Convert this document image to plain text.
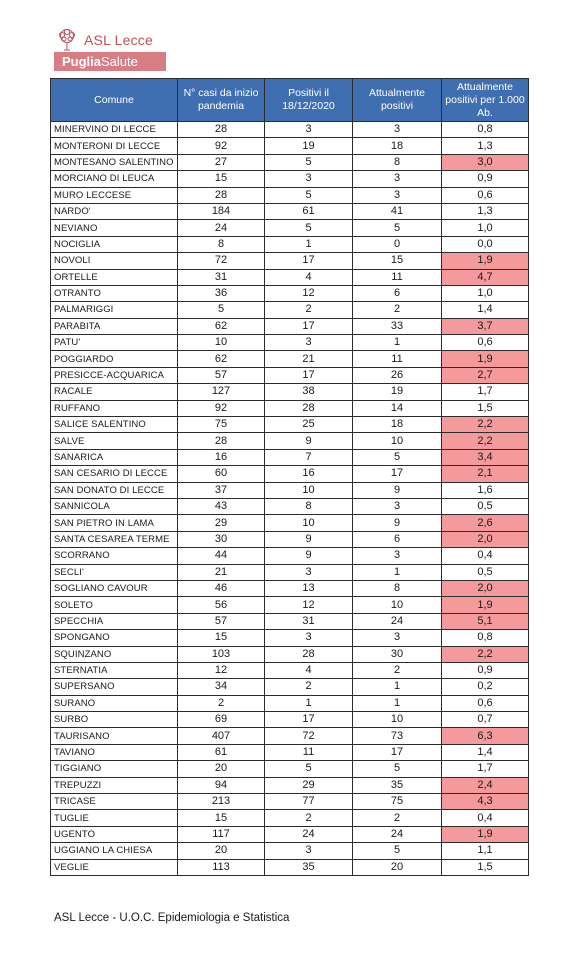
ASL Lecce
PugliaSalute
Comune	N° casi da inizio pandemia	Positivi il 18/12/2020	Attualmente positivi	Attualmente positivi per 1.000 Ab.
MINERVINO DI LECCE	28	3	3	0,8
MONTERONI DI LECCE	92	19	18	1,3
MONTESANO SALENTINO	27	5	8	3,0
MORCIANO DI LEUCA	15	3	3	0,9
MURO LECCESE	28	5	3	0,6
NARDO'	184	61	41	1,3
NEVIANO	24	5	5	1,0
NOCIGLIA	8	1	0	0,0
NOVOLI	72	17	15	1,9
ORTELLE	31	4	11	4,7
OTRANTO	36	12	6	1,0
PALMARIGGI	5	2	2	1,4
PARABITA	62	17	33	3,7
PATU'	10	3	1	0,6
POGGIARDO	62	21	11	1,9
PRESICCE-ACQUARICA	57	17	26	2,7
RACALE	127	38	19	1,7
RUFFANO	92	28	14	1,5
SALICE SALENTINO	75	25	18	2,2
SALVE	28	9	10	2,2
SANARICA	16	7	5	3,4
SAN CESARIO DI LECCE	60	16	17	2,1
SAN DONATO DI LECCE	37	10	9	1,6
SANNICOLA	43	8	3	0,5
SAN PIETRO IN LAMA	29	10	9	2,6
SANTA CESAREA TERME	30	9	6	2,0
SCORRANO	44	9	3	0,4
SECLI'	21	3	1	0,5
SOGLIANO CAVOUR	46	13	8	2,0
SOLETO	56	12	10	1,9
SPECCHIA	57	31	24	5,1
SPONGANO	15	3	3	0,8
SQUINZANO	103	28	30	2,2
STERNATIA	12	4	2	0,9
SUPERSANO	34	2	1	0,2
SURANO	2	1	1	0,6
SURBO	69	17	10	0,7
TAURISANO	407	72	73	6,3
TAVIANO	61	11	17	1,4
TIGGIANO	20	5	5	1,7
TREPUZZI	94	29	35	2,4
TRICASE	213	77	75	4,3
TUGLIE	15	2	2	0,4
UGENTO	117	24	24	1,9
UGGIANO LA CHIESA	20	3	5	1,1
VEGLIE	113	35	20	1,5
ASL Lecce - U.O.C. Epidemiologia e Statistica
